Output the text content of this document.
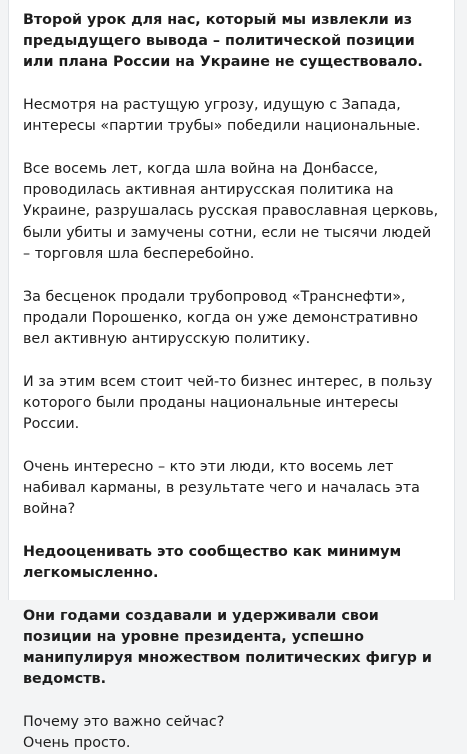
Второй урок для нас, который мы извлекли из предыдущего вывода – политической позиции или плана России на Украине не существовало.

Несмотря на растущую угрозу, идущую с Запада, интересы «партии трубы» победили национальные.

Все восемь лет, когда шла война на Донбассе, проводилась активная антирусская политика на Украине, разрушалась русская православная церковь, были убиты и замучены сотни, если не тысячи людей – торговля шла бесперебойно.

За бесценок продали трубопровод «Транснефти», продали Порошенко, когда он уже демонстративно вел активную антирусскую политику.

И за этим всем стоит чей-то бизнес интерес, в пользу которого были проданы национальные интересы России.

Очень интересно – кто эти люди, кто восемь лет набивал карманы, в результате чего и началась эта война?

Недооценивать это сообщество как минимум легкомысленно.

Они годами создавали и удерживали свои позиции на уровне президента, успешно манипулируя множеством политических фигур и ведомств.

Почему это важно сейчас?

Очень просто.
